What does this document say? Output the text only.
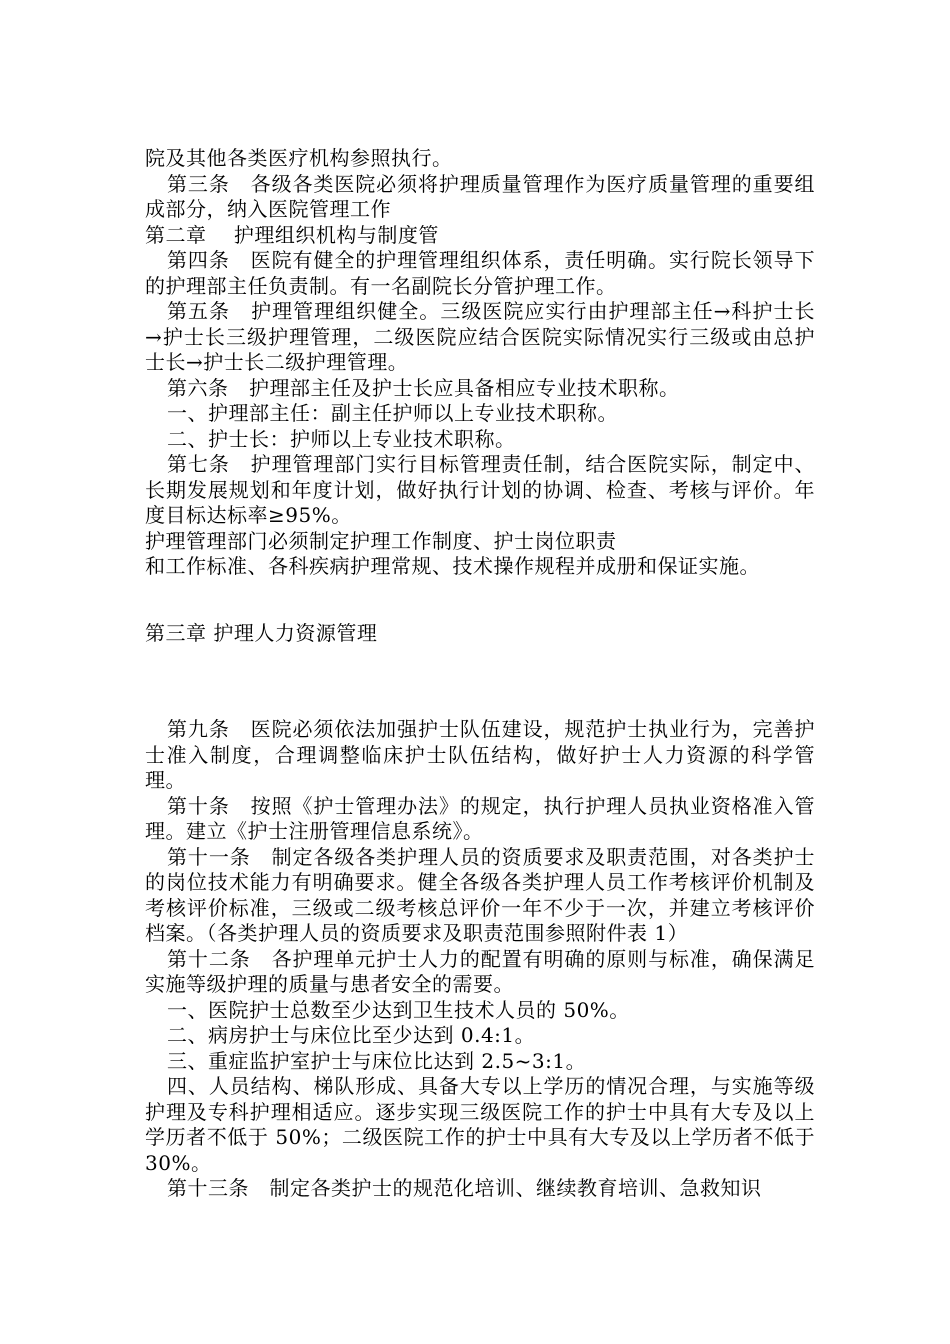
院及其他各类医疗机构参照执行。

第三条　各级各类医院必须将护理质量管理作为医疗质量管理的重要组成部分，纳入医院管理工作

第二章　 护理组织机构与制度管

第四条　医院有健全的护理管理组织体系，责任明确。实行院长领导下的护理部主任负责制。有一名副院长分管护理工作。

第五条　护理管理组织健全。三级医院应实行由护理部主任→科护士长→护士长三级护理管理，二级医院应结合医院实际情况实行三级或由总护士长→护士长二级护理管理。

第六条　护理部主任及护士长应具备相应专业技术职称。

一、护理部主任：副主任护师以上专业技术职称。

二、护士长：护师以上专业技术职称。

第七条　护理管理部门实行目标管理责任制，结合医院实际，制定中、长期发展规划和年度计划，做好执行计划的协调、检查、考核与评价。年度目标达标率≥95%。

护理管理部门必须制定护理工作制度、护士岗位职责

和工作标准、各科疾病护理常规、技术操作规程并成册和保证实施。

第三章 护理人力资源管理

第九条　医院必须依法加强护士队伍建设，规范护士执业行为，完善护士准入制度，合理调整临床护士队伍结构，做好护士人力资源的科学管理。

第十条　按照《护士管理办法》的规定，执行护理人员执业资格准入管理。建立《护士注册管理信息系统》。

第十一条　制定各级各类护理人员的资质要求及职责范围，对各类护士的岗位技术能力有明确要求。健全各级各类护理人员工作考核评价机制及考核评价标准，三级或二级考核总评价一年不少于一次，并建立考核评价档案。（各类护理人员的资质要求及职责范围参照附件表 1）

第十二条　各护理单元护士人力的配置有明确的原则与标准，确保满足实施等级护理的质量与患者安全的需要。

一、医院护士总数至少达到卫生技术人员的 50%。

二、病房护士与床位比至少达到 0.4:1。

三、重症监护室护士与床位比达到 2.5~3:1。

四、人员结构、梯队形成、具备大专以上学历的情况合理，与实施等级护理及专科护理相适应。逐步实现三级医院工作的护士中具有大专及以上学历者不低于 50%；二级医院工作的护士中具有大专及以上学历者不低于 30%。

第十三条　制定各类护士的规范化培训、继续教育培训、急救知识
